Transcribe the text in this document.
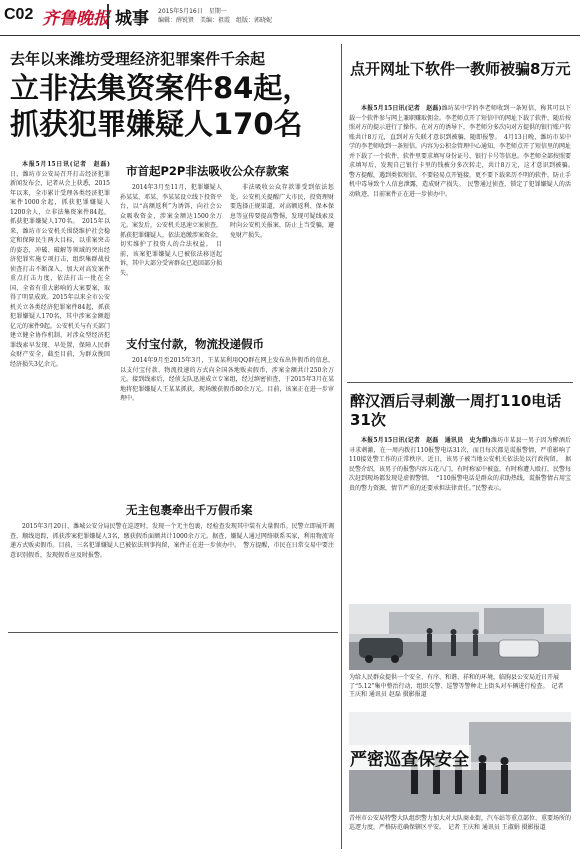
C02 齐鲁晚报 城事 2015年5月16日　星期一
编辑：薛锐贤　美编：祖霞　组版：郭晓妮
去年以来潍坊受理经济犯罪案件千余起
立非法集资案件84起，抓获犯罪嫌疑人170名

本报5月15日讯(记者　赵磊)日，潍坊市公安局召开打击经济犯罪新闻发布会，记者从会上获悉，2015年以来，全市累计受理各类经济犯罪案件1000余起，抓获犯罪嫌疑人1200余人，立非法集资案件84起，抓获犯罪嫌疑人170名。　2015年以来，潍坊市公安机关围绕维护社会稳定和保障民生两大目标，以重案突击的姿态，冲破、破解等领域的突出经济犯罪实施专项打击，组织集群战役侦查打击不断深入，加大对高发案件重点打击力度，依法打击一批在全国、全省有重大影响的大案要案，取得了明显成效。2015年以来全市公安机关立各类经济犯罪案件84起，抓获犯罪嫌疑人170名，其中涉案金额超亿元的案件9起。公安机关与有关部门建立健全协作机制，对涉众型经济犯罪线索早发现、早处置，保障人民群众财产安全，截至目前，为群众挽回经济损失3亿余元。

市首起P2P非法吸收公众存款案

2014年3月至11月，犯罪嫌疑人孙某某、邓某、李某某设立线下投资平台，以“高额返利”为诱饵，向社会公众吸收资金，涉案金额达1500余万元。案发后，公安机关迅速立案侦查，抓获犯罪嫌疑人，依法追缴涉案资金，切实维护了投资人的合法权益。　目前，该案犯罪嫌疑人已被依法移送起诉，其中大部分受害群众已追回部分损失。

非法吸收公众存款罪受到依法惩处。公安机关提醒广大市民，投资理财要选择正规渠道，对高额返利、保本保息等宣传要提高警惕，发现可疑线索及时向公安机关报案，防止上当受骗，避免财产损失。

支付宝付款，物流投递假币

2014年9月至2015年3月，王某某利用QQ群在网上发布出售假币的信息，以支付宝付款、物流投递的方式向全国各地贩卖假币，涉案金额共计250余万元。接到线索后，经侦支队迅速成立专案组，经过缜密侦查，于2015年3月在某地将犯罪嫌疑人王某某抓获，现场缴获假币80余万元。目前，该案正在进一步审理中。

无主包裹牵出千万假币案

2015年3月20日，潍城公安分局民警在巡逻时，发现一个无主包裹，经检查发现其中装有大量假币。民警立即展开调查，顺线追踪，抓获涉案犯罪嫌疑人3名，缴获假币面额共计1000余万元。据查，嫌疑人通过网络联系买家，利用物流寄递方式贩卖假币。目前，三名犯罪嫌疑人已被依法刑事拘留，案件正在进一步侦办中。　警方提醒，市民在日常交易中要注意识别假币，发现假币应及时报警。

点开网址下软件一教师被骗8万元

本报5月15日讯(记者　赵磊)潍坊某中学的李老师收到一条短信，称其可以下载一个软件参与网上兼职赚取佣金。李老师点开了短信中的网址下载了软件，随后按照对方的提示进行了操作。在对方的诱导下，李老师分多次向对方提供的银行账户转账共计8万元，直到对方失联才意识到被骗，随即报警。　4月13日晚，潍坊市某中学的李老师收到一条短信，内容为公积金管理中心通知，李老师点开了短信里的网址并下载了一个软件，软件里要求填写身份证号、银行卡号等信息。李老师全部按照要求填写后，发现自己银行卡里的钱被分多次转走，共计8万元，这才意识到被骗。　警方提醒，遇到类似短信，不要轻易点开链接，更不要下载来历不明的软件，防止手机中毒导致个人信息泄露，造成财产损失。　民警通过侦查，锁定了犯罪嫌疑人的活动轨迹，目前案件正在进一步侦办中。

醉汉酒后寻刺激一周打110电话31次

本报5月15日讯(记者　赵磊　通讯员　史为群)潍坊市某县一男子因为醉酒后寻求刺激，在一周内拨打110报警电话31次，而且每次都是谎报警情，严重影响了110接处警工作的正常秩序。近日，该男子被当地公安机关依法处以行政拘留。　据民警介绍，该男子的报警内容五花八门，有时称家中被盗，有时称遭人殴打，民警每次赶到现场都发现是虚假警情。　“110报警电话是群众的求助热线，谎报警情占用宝贵的警力资源，情节严重的还要承担法律责任。”民警表示。

为给人民群众提供一个安全、有序、和谐、祥和的环境，临朐县公安局近日开展了“5.12”集中整治行动，组织交警、巡警等警种走上街头对车辆进行检查。　记者 王庆和 通讯员 赵磊 摄影报道
严密巡查保安全
青州市公安局特警大队组织警力加大对大队商业街，汽车站等重点部位、重要场所的巡逻力度，严格防范确保辖区平安。　记者 王庆和 通讯员 王淑娟 摄影报道
